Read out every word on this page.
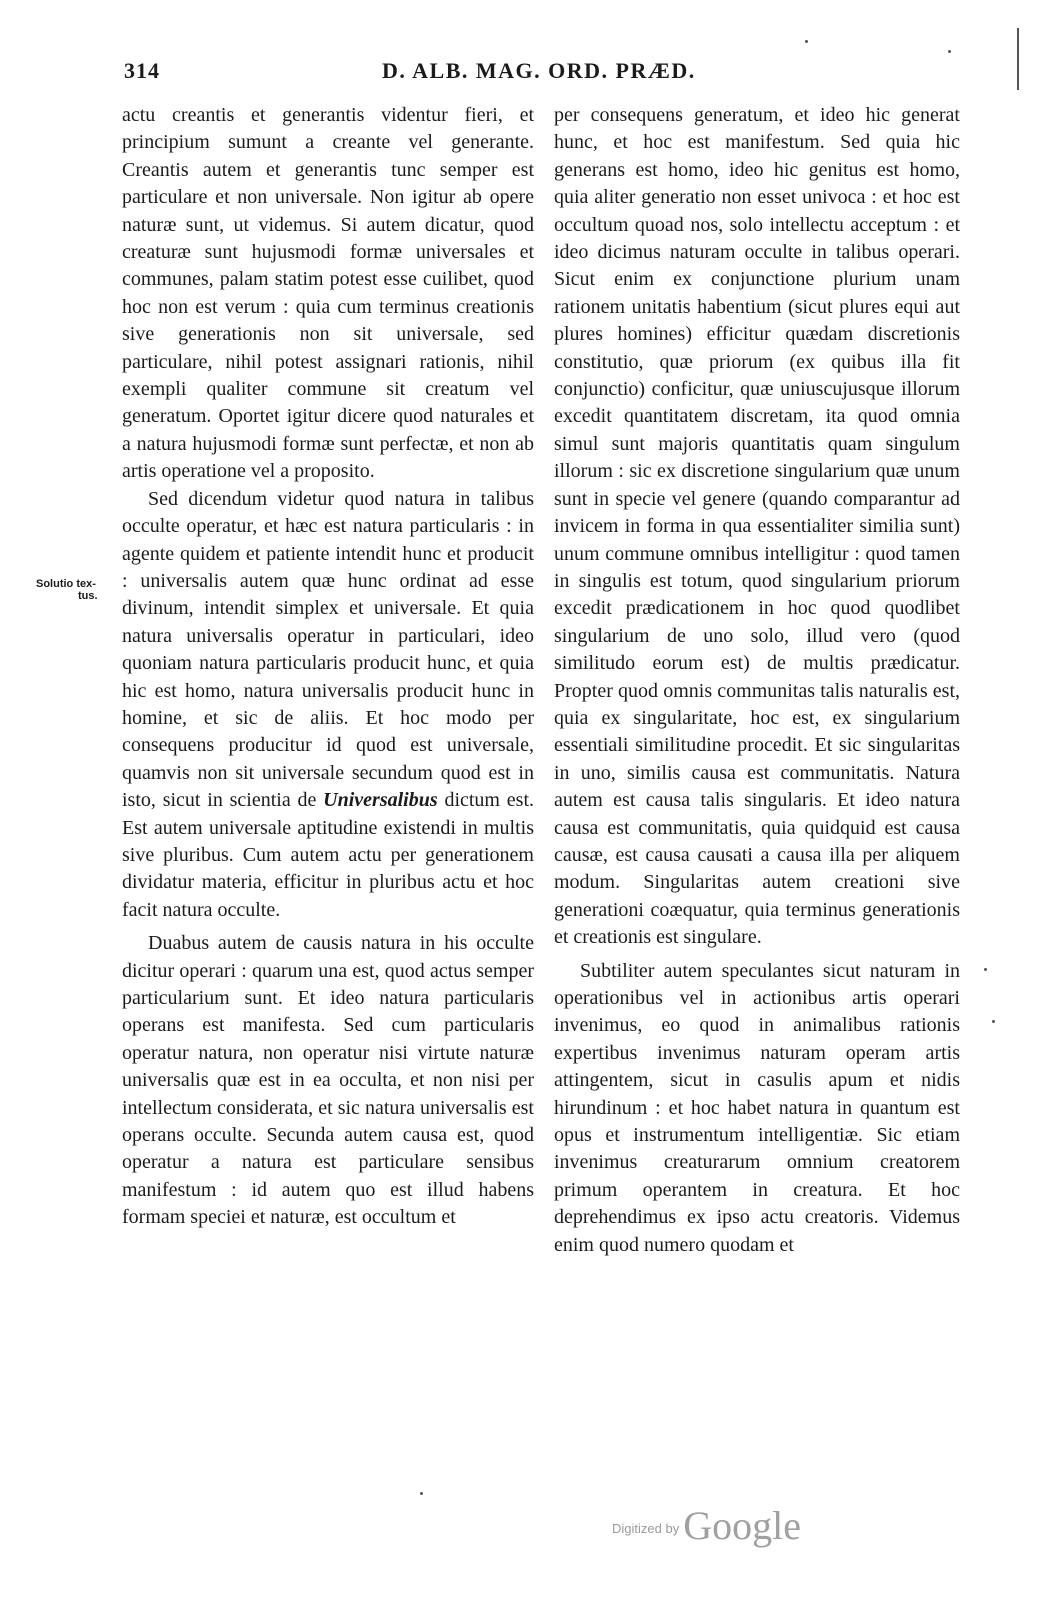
314	D. ALB. MAG. ORD. PRÆD.
Solutio tex-
tus.

actu creantis et generantis videntur fieri, et principium sumunt a creante vel generante. Creantis autem et generantis tunc semper est particulare et non universale. Non igitur ab opere naturæ sunt, ut videmus. Si autem dicatur, quod creaturæ sunt hujusmodi formæ universales et communes, palam statim potest esse cuilibet, quod hoc non est verum : quia cum terminus creationis sive generationis non sit universale, sed particulare, nihil potest assignari rationis, nihil exempli qualiter commune sit creatum vel generatum. Oportet igitur dicere quod naturales et a natura hujusmodi formæ sunt perfectæ, et non ab artis operatione vel a proposito.

Sed dicendum videtur quod natura in talibus occulte operatur, et hæc est natura particularis : in agente quidem et patiente intendit hunc et producit : universalis autem quæ hunc ordinat ad esse divinum, intendit simplex et universale. Et quia natura universalis operatur in particulari, ideo quoniam natura particularis producit hunc, et quia hic est homo, natura universalis producit hunc in homine, et sic de aliis. Et hoc modo per consequens producitur id quod est universale, quamvis non sit universale secundum quod est in isto, sicut in scientia de Universalibus dictum est. Est autem universale aptitudine existendi in multis sive pluribus. Cum autem actu per generationem dividatur materia, efficitur in pluribus actu et hoc facit natura occulte.

Duabus autem de causis natura in his occulte dicitur operari : quarum una est, quod actus semper particularium sunt. Et ideo natura particularis operans est manifesta. Sed cum particularis operatur natura, non operatur nisi virtute naturæ universalis quæ est in ea occulta, et non nisi per intellectum considerata, et sic natura universalis est operans occulte. Secunda autem causa est, quod operatur a natura est particulare sensibus manifestum : id autem quo est illud habens formam speciei et naturæ, est occultum et

per consequens generatum, et ideo hic generat hunc, et hoc est manifestum. Sed quia hic generans est homo, ideo hic genitus est homo, quia aliter generatio non esset univoca : et hoc est occultum quoad nos, solo intellectu acceptum : et ideo dicimus naturam occulte in talibus operari. Sicut enim ex conjunctione plurium unam rationem unitatis habentium (sicut plures equi aut plures homines) efficitur quædam discretionis constitutio, quæ priorum (ex quibus illa fit conjunctio) conficitur, quæ uniuscujusque illorum excedit quantitatem discretam, ita quod omnia simul sunt majoris quantitatis quam singulum illorum : sic ex discretione singularium quæ unum sunt in specie vel genere (quando comparantur ad invicem in forma in qua essentialiter similia sunt) unum commune omnibus intelligitur : quod tamen in singulis est totum, quod singularium priorum excedit prædicationem in hoc quod quodlibet singularium de uno solo, illud vero (quod similitudo eorum est) de multis prædicatur. Propter quod omnis communitas talis naturalis est, quia ex singularitate, hoc est, ex singularium essentiali similitudine procedit. Et sic singularitas in uno, similis causa est communitatis. Natura autem est causa talis singularis. Et ideo natura causa est communitatis, quia quidquid est causa causæ, est causa causati a causa illa per aliquem modum. Singularitas autem creationi sive generationi coæquatur, quia terminus generationis et creationis est singulare.

Subtiliter autem speculantes sicut naturam in operationibus vel in actionibus artis operari invenimus, eo quod in animalibus rationis expertibus invenimus naturam operam artis attingentem, sicut in casulis apum et nidis hirundinum : et hoc habet natura in quantum est opus et instrumentum intelligentiæ. Sic etiam invenimus creaturarum omnium creatorem primum operantem in creatura. Et hoc deprehendimus ex ipso actu creatoris. Videmus enim quod numero quodam et

$^{Digitized by}$ Google
